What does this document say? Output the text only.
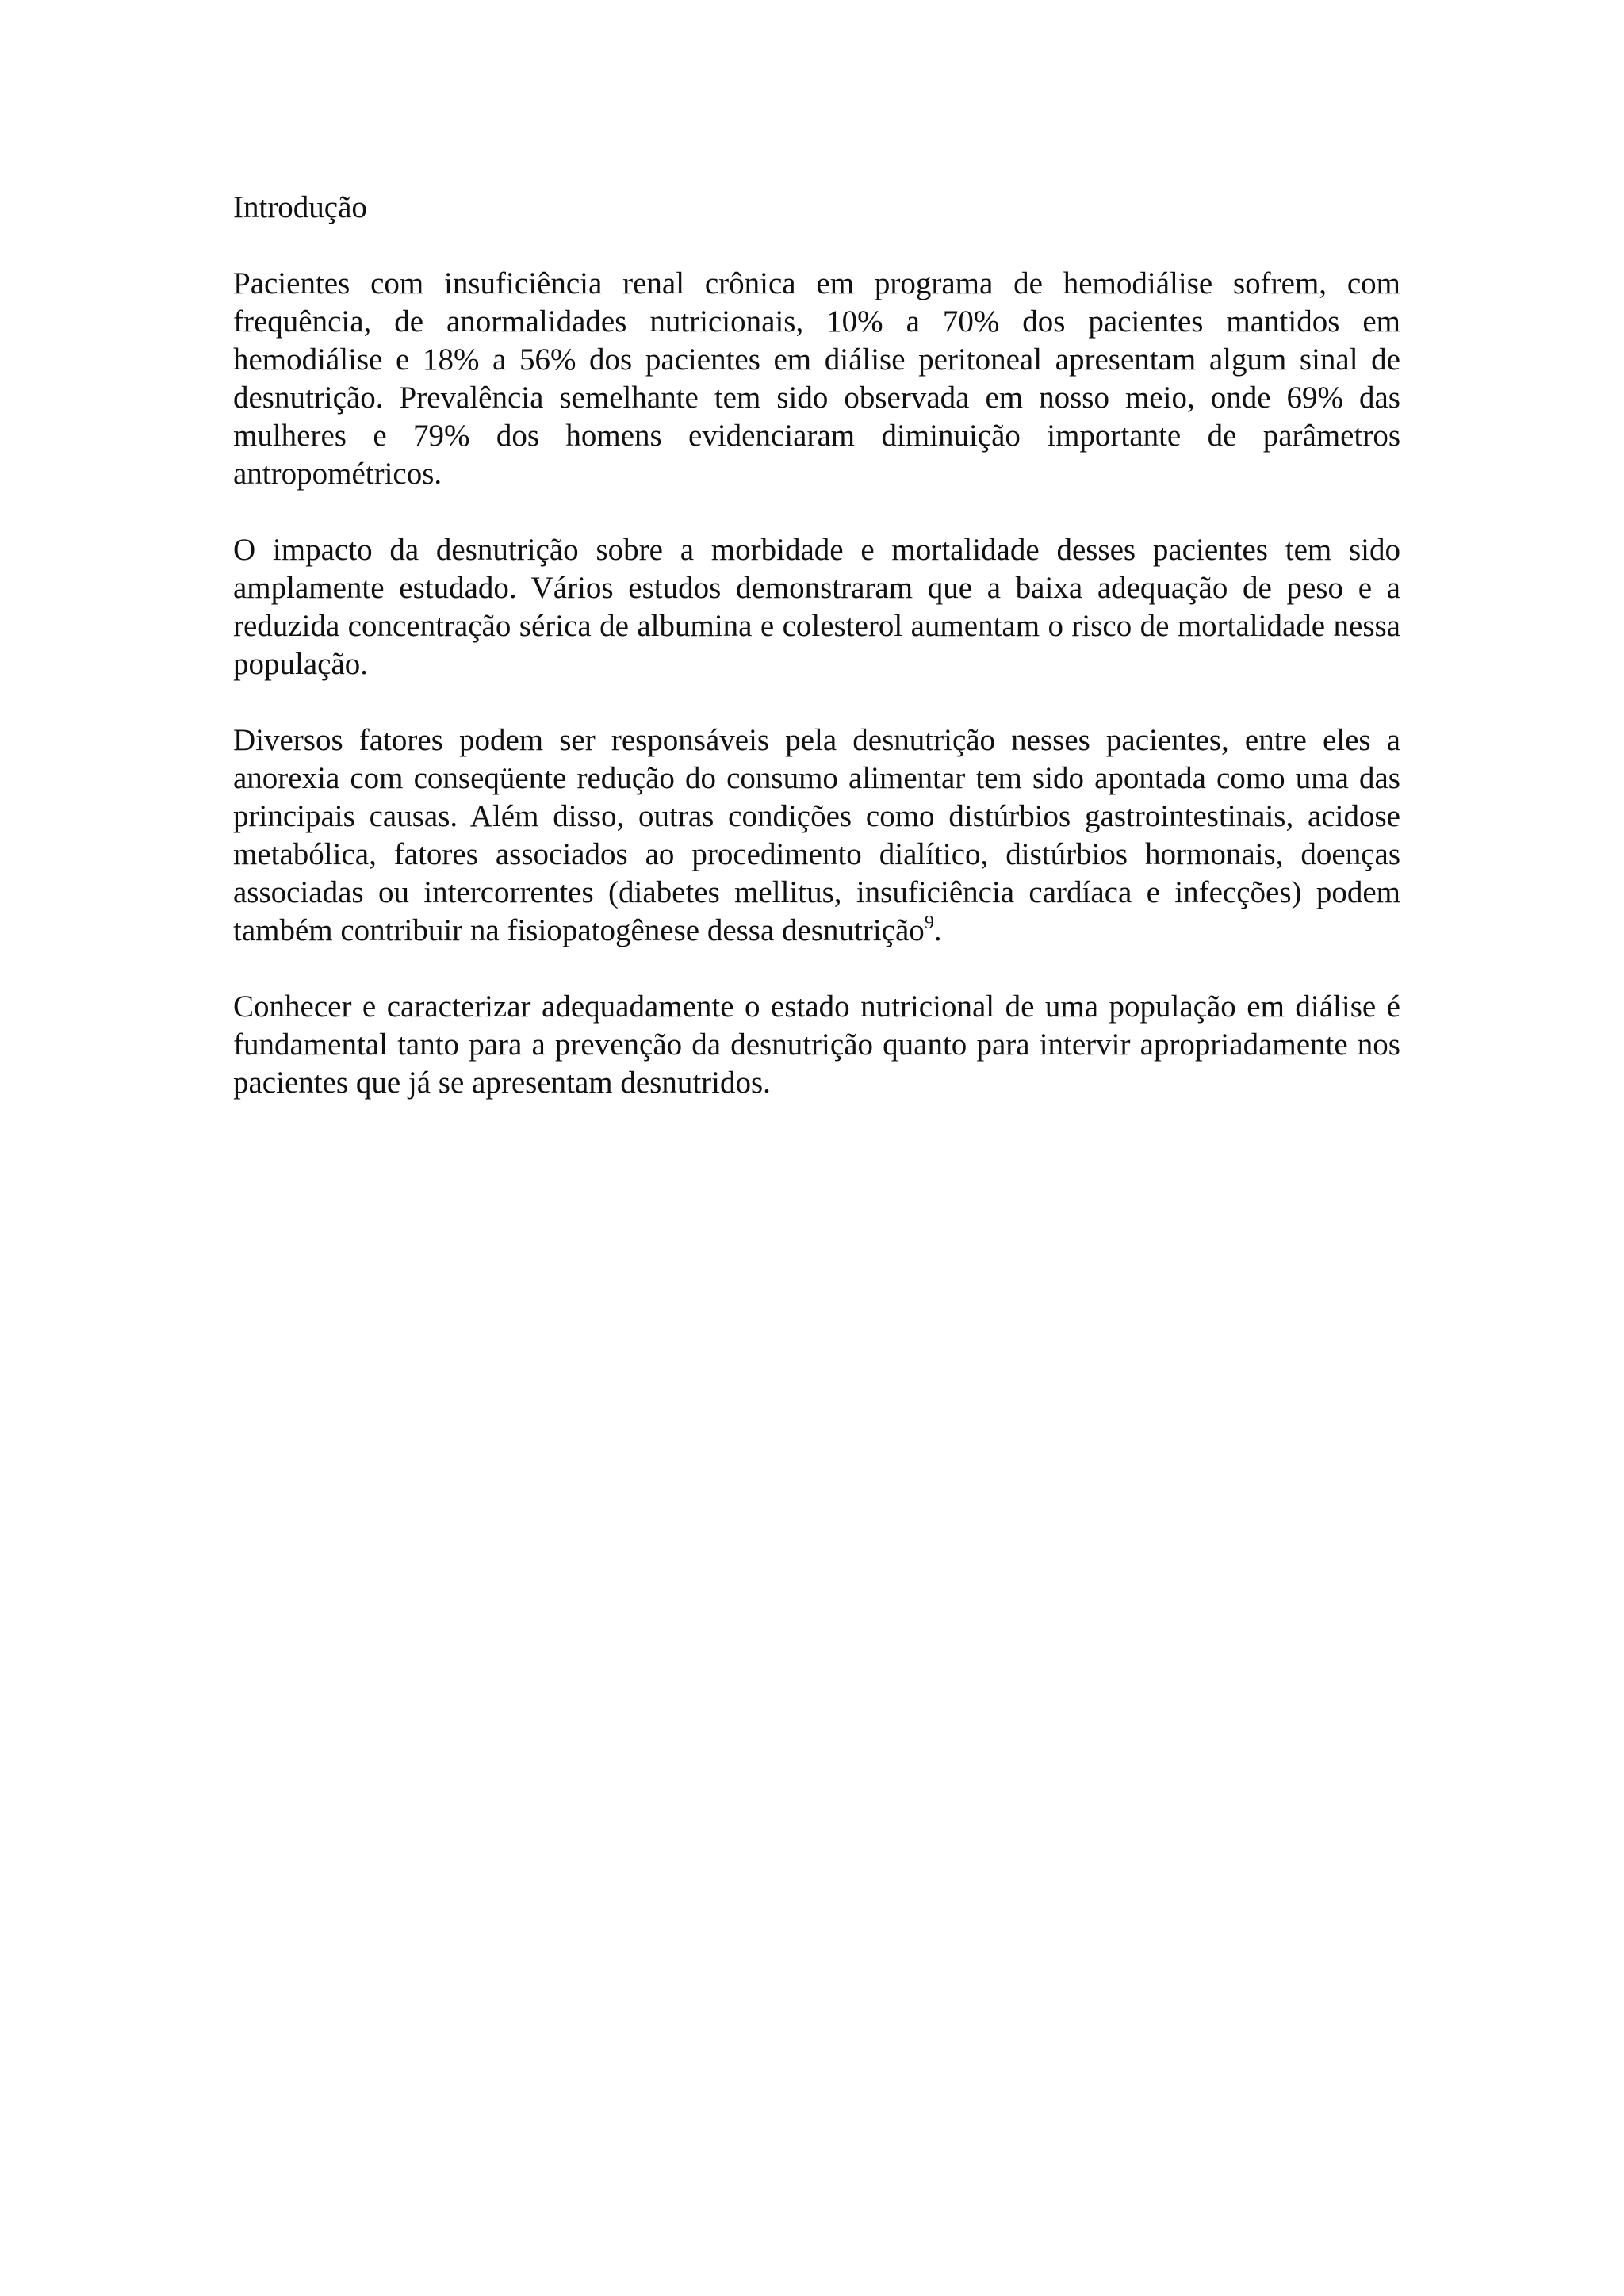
Introdução

Pacientes com insuficiência renal crônica em programa de hemodiálise sofrem, com frequência, de anormalidades nutricionais, 10% a 70% dos pacientes mantidos em hemodiálise e 18% a 56% dos pacientes em diálise peritoneal apresentam algum sinal de desnutrição. Prevalência semelhante tem sido observada em nosso meio, onde 69% das mulheres e 79% dos homens evidenciaram diminuição importante de parâmetros antropométricos.

O impacto da desnutrição sobre a morbidade e mortalidade desses pacientes tem sido amplamente estudado. Vários estudos demonstraram que a baixa adequação de peso e a reduzida concentração sérica de albumina e colesterol aumentam o risco de mortalidade nessa população.

Diversos fatores podem ser responsáveis pela desnutrição nesses pacientes, entre eles a anorexia com conseqüente redução do consumo alimentar tem sido apontada como uma das principais causas. Além disso, outras condições como distúrbios gastrointestinais, acidose metabólica, fatores associados ao procedimento dialítico, distúrbios hormonais, doenças associadas ou intercorrentes (diabetes mellitus, insuficiência cardíaca e infecções) podem também contribuir na fisiopatogênese dessa desnutrição$^9$.

Conhecer e caracterizar adequadamente o estado nutricional de uma população em diálise é fundamental tanto para a prevenção da desnutrição quanto para intervir apropriadamente nos pacientes que já se apresentam desnutridos.
